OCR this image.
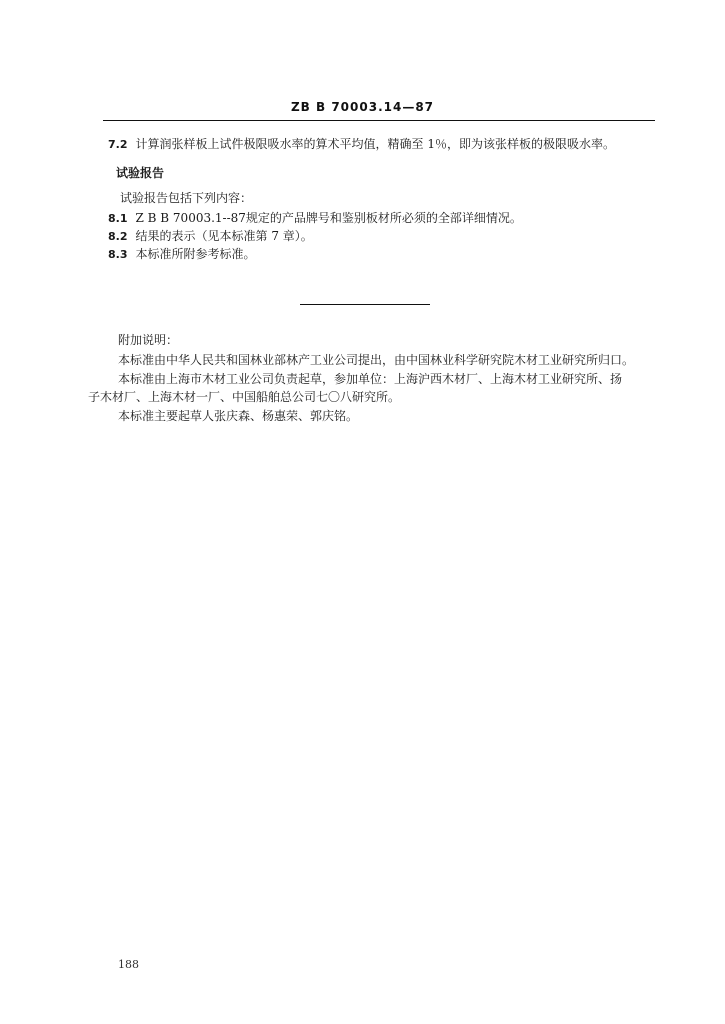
ZB B 70003.14—87
7.2 计算润张样板上试件极限吸水率的算术平均值，精确至 1％，即为该张样板的极限吸水率。
试验报告
试验报告包括下列内容：
8.1 Z B B 70003.1--87规定的产品牌号和鉴别板材所必须的全部详细情况。
8.2 结果的表示（见本标准第 7 章）。
8.3 本标准所附参考标准。
附加说明：
本标准由中华人民共和国林业部林产工业公司提出，由中国林业科学研究院木材工业研究所归口。
本标准由上海市木材工业公司负责起草，参加单位：上海沪西木材厂、上海木材工业研究所、扬
子木材厂、上海木材一厂、中国船舶总公司七〇八研究所。
本标准主要起草人张庆森、杨惠荣、郭庆铭。
188
